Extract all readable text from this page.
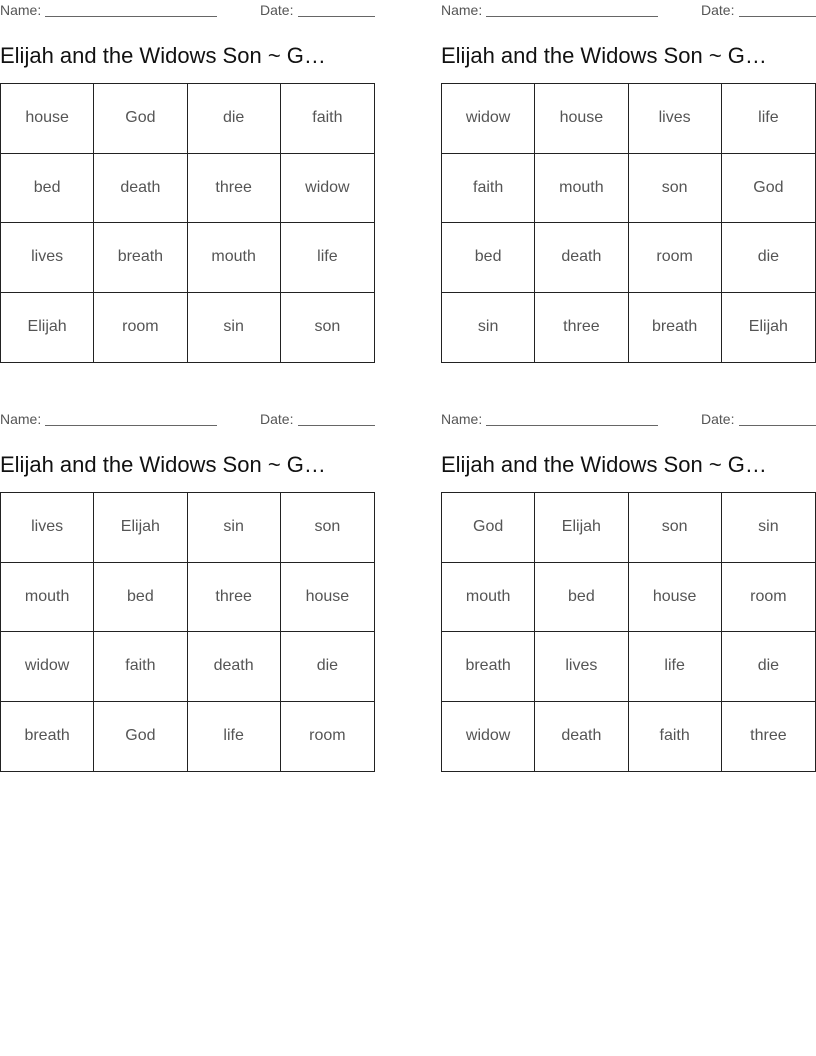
Name:	Date:
Elijah and the Widows Son ~ G…
house	God	die	faith
bed	death	three	widow
lives	breath	mouth	life
Elijah	room	sin	son
Name:	Date:
Elijah and the Widows Son ~ G…
widow	house	lives	life
faith	mouth	son	God
bed	death	room	die
sin	three	breath	Elijah
Name:	Date:
Elijah and the Widows Son ~ G…
lives	Elijah	sin	son
mouth	bed	three	house
widow	faith	death	die
breath	God	life	room
Name:	Date:
Elijah and the Widows Son ~ G…
God	Elijah	son	sin
mouth	bed	house	room
breath	lives	life	die
widow	death	faith	three
